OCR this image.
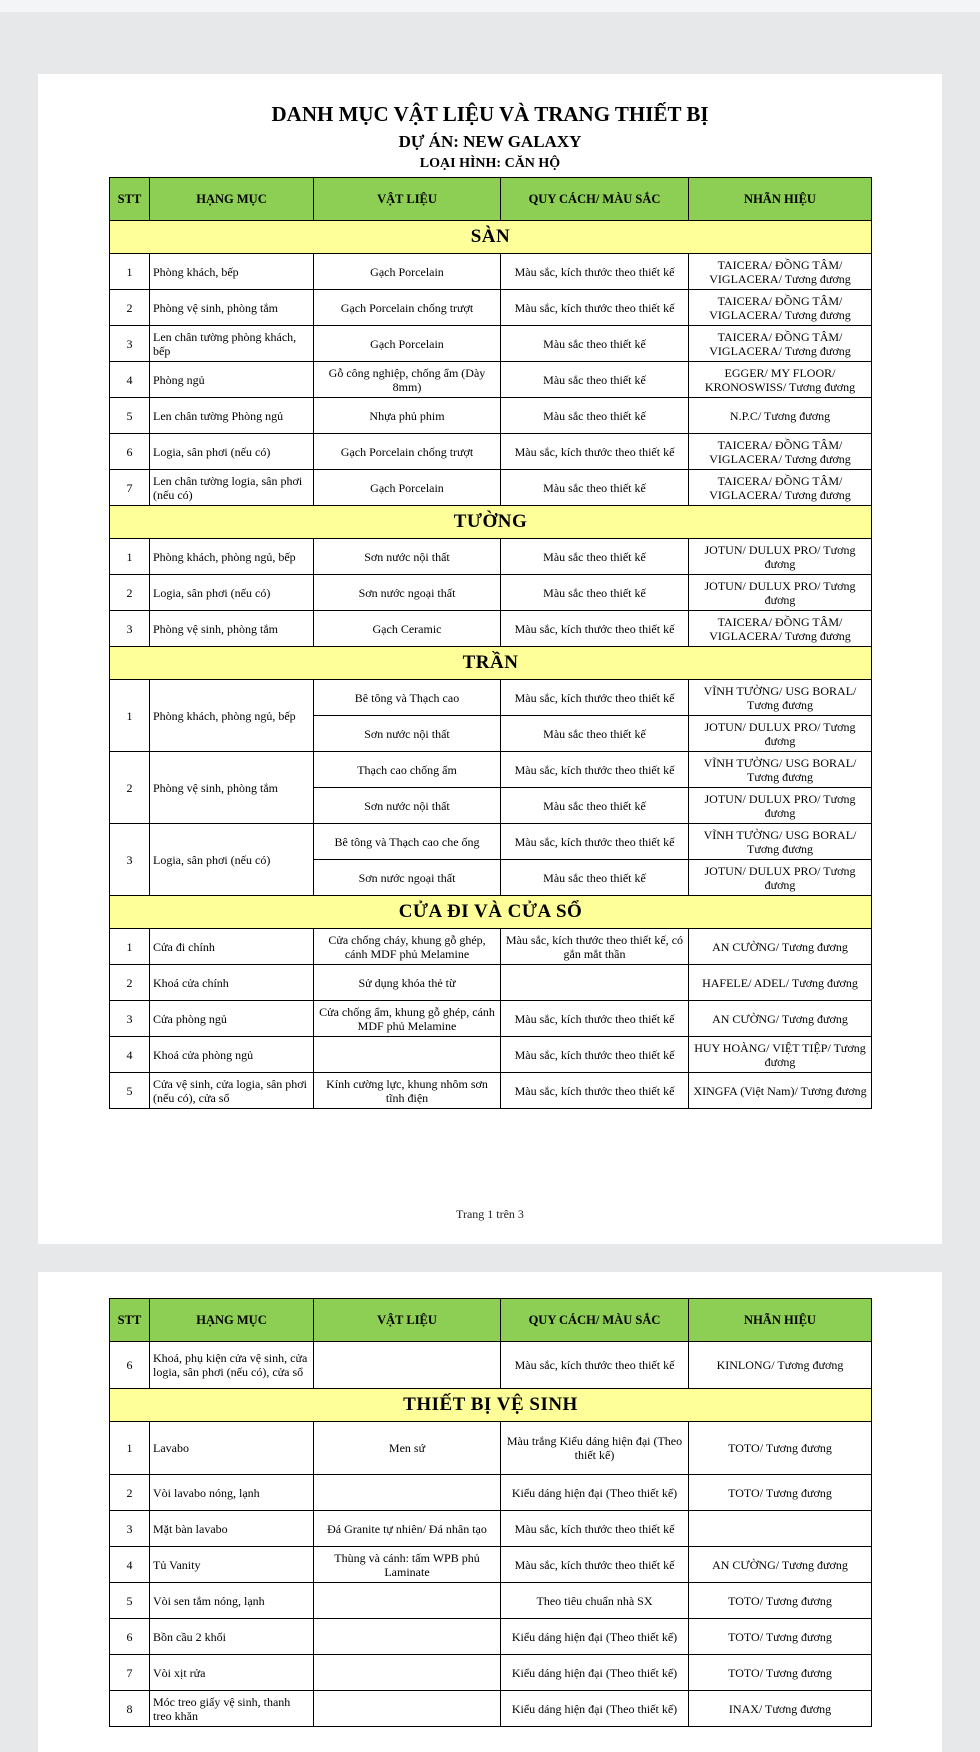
DANH MỤC VẬT LIỆU VÀ TRANG THIẾT BỊ
DỰ ÁN: NEW GALAXY
LOẠI HÌNH: CĂN HỘ
STT	HẠNG MỤC	VẬT LIỆU	QUY CÁCH/ MÀU SẮC	NHÃN HIỆU
SÀN				
1	Phòng khách, bếp	Gạch Porcelain	Màu sắc, kích thước theo thiết kế	TAICERA/ ĐỒNG TÂM/ VIGLACERA/ Tương đương
2	Phòng vệ sinh, phòng tắm	Gạch Porcelain chống trượt	Màu sắc, kích thước theo thiết kế	TAICERA/ ĐỒNG TÂM/ VIGLACERA/ Tương đương
3	Len chân tường phòng khách, bếp	Gạch Porcelain	Màu sắc theo thiết kế	TAICERA/ ĐỒNG TÂM/ VIGLACERA/ Tương đương
4	Phòng ngủ	Gỗ công nghiệp, chống ẩm (Dày 8mm)	Màu sắc theo thiết kế	EGGER/ MY FLOOR/ KRONOSWISS/ Tương đương
5	Len chân tường Phòng ngủ	Nhựa phủ phim	Màu sắc theo thiết kế	N.P.C/ Tương đương
6	Logia, sân phơi (nếu có)	Gạch Porcelain chống trượt	Màu sắc, kích thước theo thiết kế	TAICERA/ ĐỒNG TÂM/ VIGLACERA/ Tương đương
7	Len chân tường logia, sân phơi (nếu có)	Gạch Porcelain	Màu sắc theo thiết kế	TAICERA/ ĐỒNG TÂM/ VIGLACERA/ Tương đương
TƯỜNG				
1	Phòng khách, phòng ngủ, bếp	Sơn nước nội thất	Màu sắc theo thiết kế	JOTUN/ DULUX PRO/ Tương đương
2	Logia, sân phơi (nếu có)	Sơn nước ngoại thất	Màu sắc theo thiết kế	JOTUN/ DULUX PRO/ Tương đương
3	Phòng vệ sinh, phòng tắm	Gạch Ceramic	Màu sắc, kích thước theo thiết kế	TAICERA/ ĐỒNG TÂM/ VIGLACERA/ Tương đương
TRẦN				
1	Phòng khách, phòng ngủ, bếp	Bê tông và Thạch cao	Màu sắc, kích thước theo thiết kế	VĨNH TƯỜNG/ USG BORAL/ Tương đương
		Sơn nước nội thất	Màu sắc theo thiết kế	JOTUN/ DULUX PRO/ Tương đương
2	Phòng vệ sinh, phòng tắm	Thạch cao chống ẩm	Màu sắc, kích thước theo thiết kế	VĨNH TƯỜNG/ USG BORAL/ Tương đương
		Sơn nước nội thất	Màu sắc theo thiết kế	JOTUN/ DULUX PRO/ Tương đương
3	Logia, sân phơi (nếu có)	Bê tông và Thạch cao che ống	Màu sắc, kích thước theo thiết kế	VĨNH TƯỜNG/ USG BORAL/ Tương đương
		Sơn nước ngoại thất	Màu sắc theo thiết kế	JOTUN/ DULUX PRO/ Tương đương
CỬA ĐI VÀ CỬA SỔ				
1	Cửa đi chính	Cửa chống cháy, khung gỗ ghép, cánh MDF phủ Melamine	Màu sắc, kích thước theo thiết kế, có gắn mắt thần	AN CƯỜNG/ Tương đương
2	Khoá cửa chính	Sử dụng khóa thẻ từ		HAFELE/ ADEL/ Tương đương
3	Cửa phòng ngủ	Cửa chống ẩm, khung gỗ ghép, cánh MDF phủ Melamine	Màu sắc, kích thước theo thiết kế	AN CƯỜNG/ Tương đương
4	Khoá cửa phòng ngủ		Màu sắc, kích thước theo thiết kế	HUY HOÀNG/ VIỆT TIỆP/ Tương đương
5	Cửa vệ sinh, cửa logia, sân phơi (nếu có), cửa sổ	Kính cường lực, khung nhôm sơn tĩnh điện	Màu sắc, kích thước theo thiết kế	XINGFA (Việt Nam)/ Tương đương
Trang 1 trên 3
STT	HẠNG MỤC	VẬT LIỆU	QUY CÁCH/ MÀU SẮC	NHÃN HIỆU
6	Khoá, phụ kiện cửa vệ sinh, cửa logia, sân phơi (nếu có), cửa sổ		Màu sắc, kích thước theo thiết kế	KINLONG/ Tương đương
THIẾT BỊ VỆ SINH				
1	Lavabo	Men sứ	Màu trắng Kiểu dáng hiện đại (Theo thiết kế)	TOTO/ Tương đương
2	Vòi lavabo nóng, lạnh		Kiểu dáng hiện đại (Theo thiết kế)	TOTO/ Tương đương
3	Mặt bàn lavabo	Đá Granite tự nhiên/ Đá nhân tạo	Màu sắc, kích thước theo thiết kế	
4	Tủ Vanity	Thùng và cánh: tấm WPB phủ Laminate	Màu sắc, kích thước theo thiết kế	AN CƯỜNG/ Tương đương
5	Vòi sen tắm nóng, lạnh		Theo tiêu chuẩn nhà SX	TOTO/ Tương đương
6	Bồn cầu 2 khối		Kiểu dáng hiện đại (Theo thiết kế)	TOTO/ Tương đương
7	Vòi xịt rửa		Kiểu dáng hiện đại (Theo thiết kế)	TOTO/ Tương đương
8	Móc treo giấy vệ sinh, thanh treo khăn		Kiểu dáng hiện đại (Theo thiết kế)	INAX/ Tương đương
